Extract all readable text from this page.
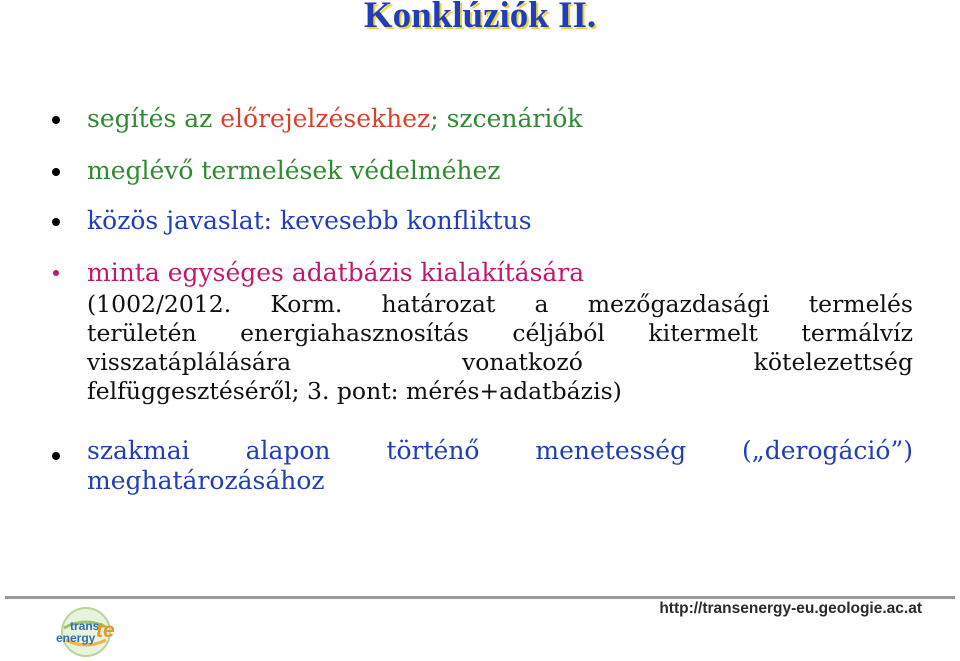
Konklúziók II.
segítés az előrejelzésekhez; szcenáriók
meglévő termelések védelméhez
közös javaslat: kevesebb konfliktus
minta egységes adatbázis kialakítására
(1002/2012. Korm. határozat a mezőgazdasági termelés
területén energiahasznosítás céljából kitermelt termálvíz
visszatáplálására vonatkozó kötelezettség
felfüggesztéséről; 3. pont: mérés+adatbázis)
szakmai alapon történő menetesség („derogáció”)
meghatározásához
http://transenergy-eu.geologie.ac.at
trans
energy te
